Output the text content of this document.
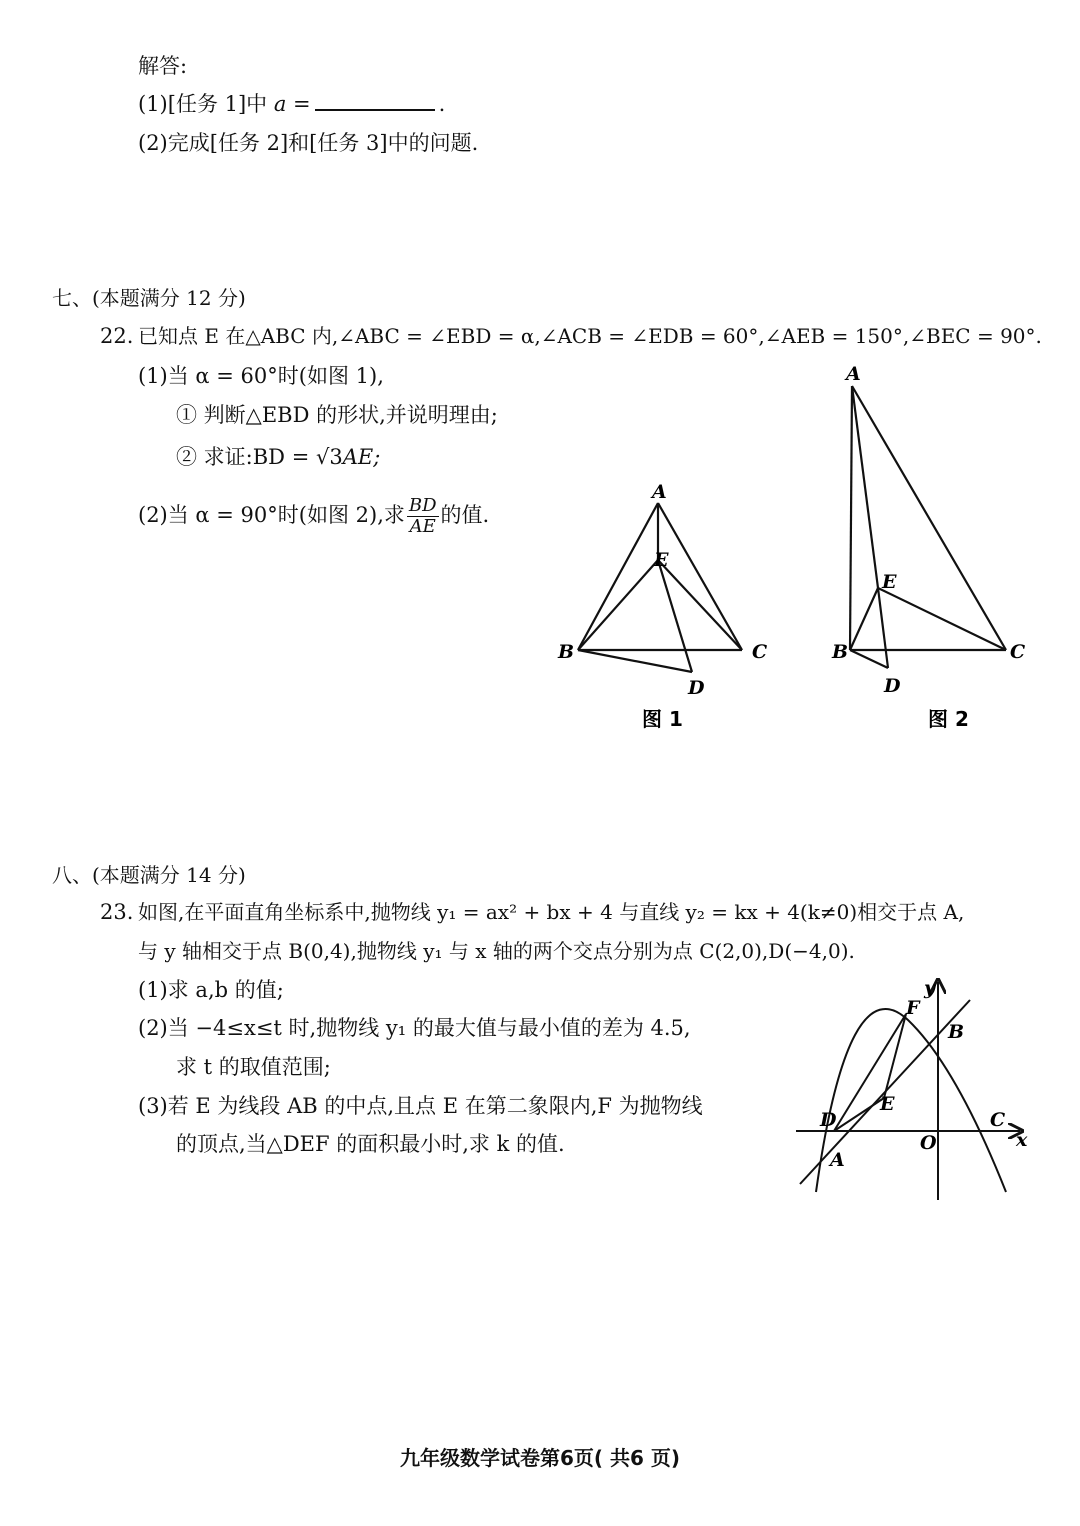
解答:
(1)[任务 1]中 a =	.
(2)完成[任务 2]和[任务 3]中的问题.
七、(本题满分 12 分)
22. 已知点 E 在△ABC 内,∠ABC = ∠EBD = α,∠ACB = ∠EDB = 60°,∠AEB = 150°,∠BEC = 90°.
(1)当 α = 60°时(如图 1),
① 判断△EBD 的形状,并说明理由;
② 求证:BD = √3AE;
(2)当 α = 90°时(如图 2),求 $\frac{BD}{AE}$ 的值.
A
E
B	C
D
图 1
A
E
B	C
D
图 2
八、(本题满分 14 分)
23. 如图,在平面直角坐标系中,抛物线 y₁ = ax² + bx + 4 与直线 y₂ = kx + 4(k≠0)相交于点 A,
与 y 轴相交于点 B(0,4),抛物线 y₁ 与 x 轴的两个交点分别为点 C(2,0),D(−4,0).
(1)求 a,b 的值;
(2)当 −4≤x≤t 时,抛物线 y₁ 的最大值与最小值的差为 4.5,
求 t 的取值范围;
(3)若 E 为线段 AB 的中点,且点 E 在第二象限内,F 为抛物线
的顶点,当△DEF 的面积最小时,求 k 的值.
y
x
O
B
F
E
D
A
C
九年级数学试卷第6页( 共6 页)
